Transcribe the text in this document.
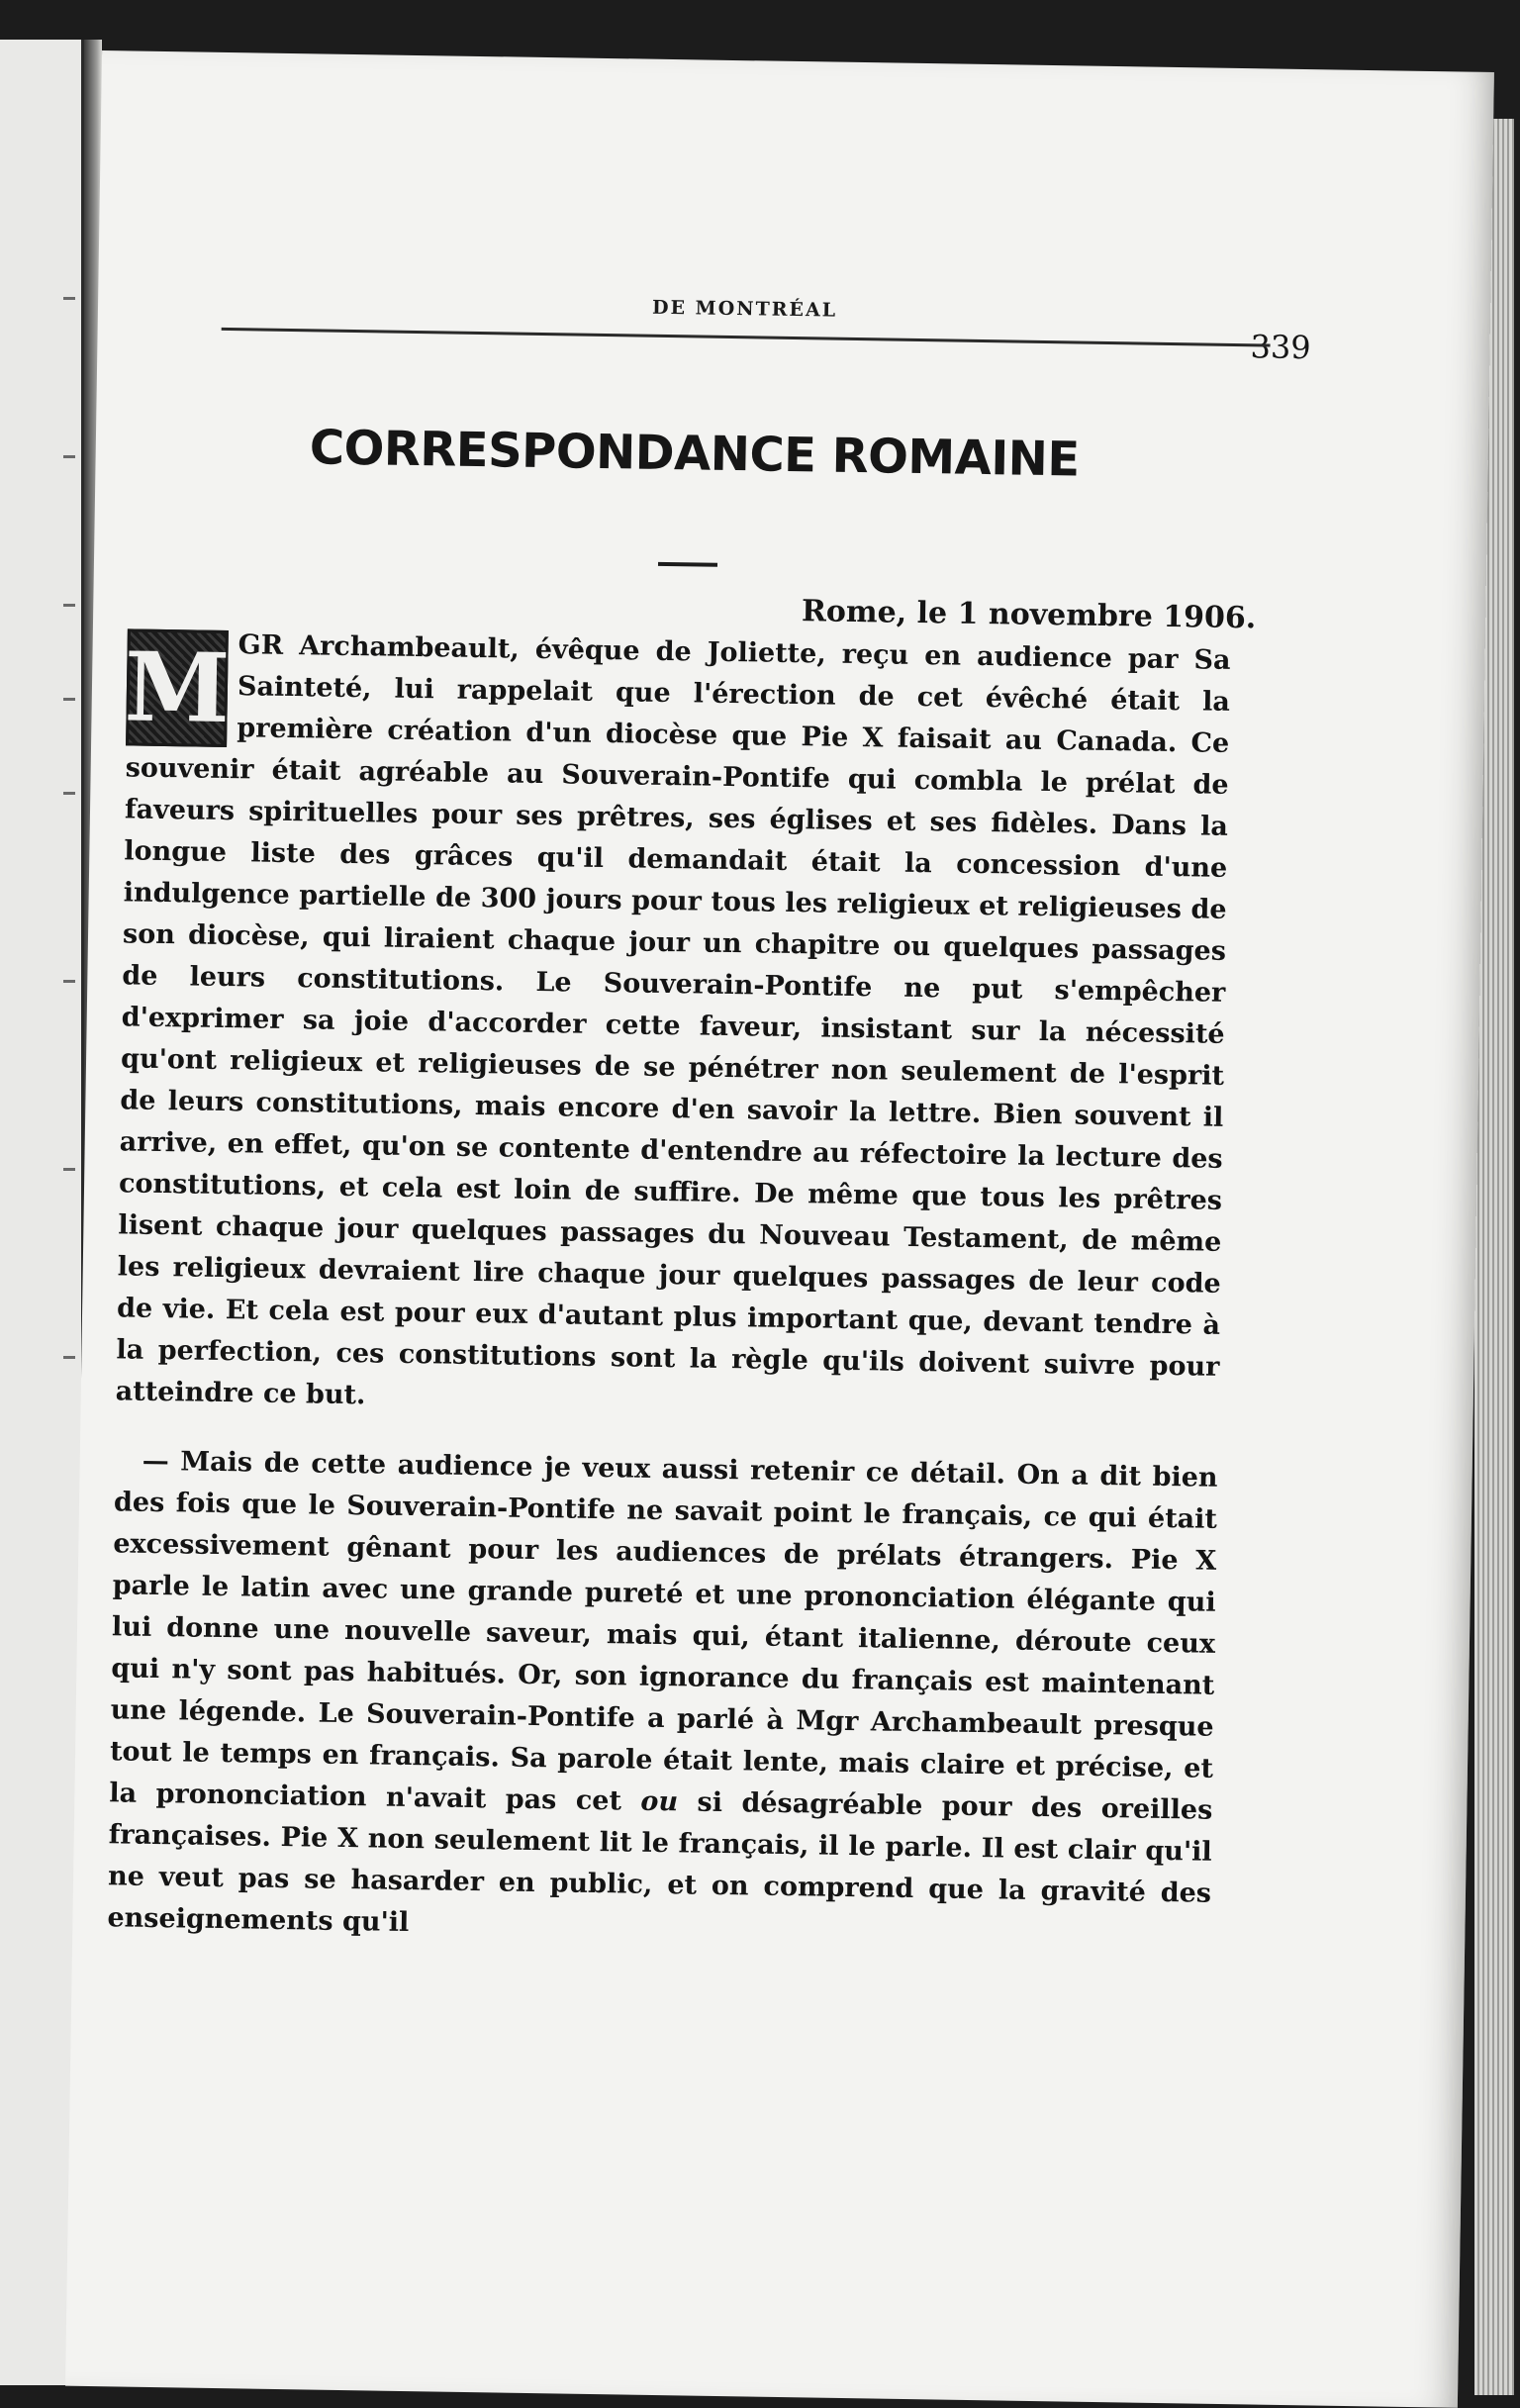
DE MONTRÉAL
339
CORRESPONDANCE ROMAINE
Rome, le 1 novembre 1906.

M GR Archambeault, évêque de Joliette, reçu en audience par Sa Sainteté, lui rappelait que l'érection de cet évêché était la première création d'un diocèse que Pie X faisait au Canada. Ce souvenir était agréable au Souverain-Pontife qui combla le prélat de faveurs spirituelles pour ses prêtres, ses églises et ses fidèles. Dans la longue liste des grâces qu'il demandait était la concession d'une indulgence partielle de 300 jours pour tous les religieux et religieuses de son diocèse, qui liraient chaque jour un chapitre ou quelques passages de leurs constitutions. Le Souverain-Pontife ne put s'empêcher d'exprimer sa joie d'accorder cette faveur, insistant sur la nécessité qu'ont religieux et religieuses de se pénétrer non seulement de l'esprit de leurs constitutions, mais encore d'en savoir la lettre. Bien souvent il arrive, en effet, qu'on se contente d'entendre au réfectoire la lecture des constitutions, et cela est loin de suffire. De même que tous les prêtres lisent chaque jour quelques passages du Nouveau Testament, de même les religieux devraient lire chaque jour quelques passages de leur code de vie. Et cela est pour eux d'autant plus important que, devant tendre à la perfection, ces constitutions sont la règle qu'ils doivent suivre pour atteindre ce but.

— Mais de cette audience je veux aussi retenir ce détail. On a dit bien des fois que le Souverain-Pontife ne savait point le français, ce qui était excessivement gênant pour les audiences de prélats étrangers. Pie X parle le latin avec une grande pureté et une prononciation élégante qui lui donne une nouvelle saveur, mais qui, étant italienne, déroute ceux qui n'y sont pas habitués. Or, son ignorance du français est maintenant une légende. Le Souverain-Pontife a parlé à Mgr Archambeault presque tout le temps en français. Sa parole était lente, mais claire et précise, et la prononciation n'avait pas cet ou si désagréable pour des oreilles françaises. Pie X non seulement lit le français, il le parle. Il est clair qu'il ne veut pas se hasarder en public, et on comprend que la gravité des enseignements qu'il
